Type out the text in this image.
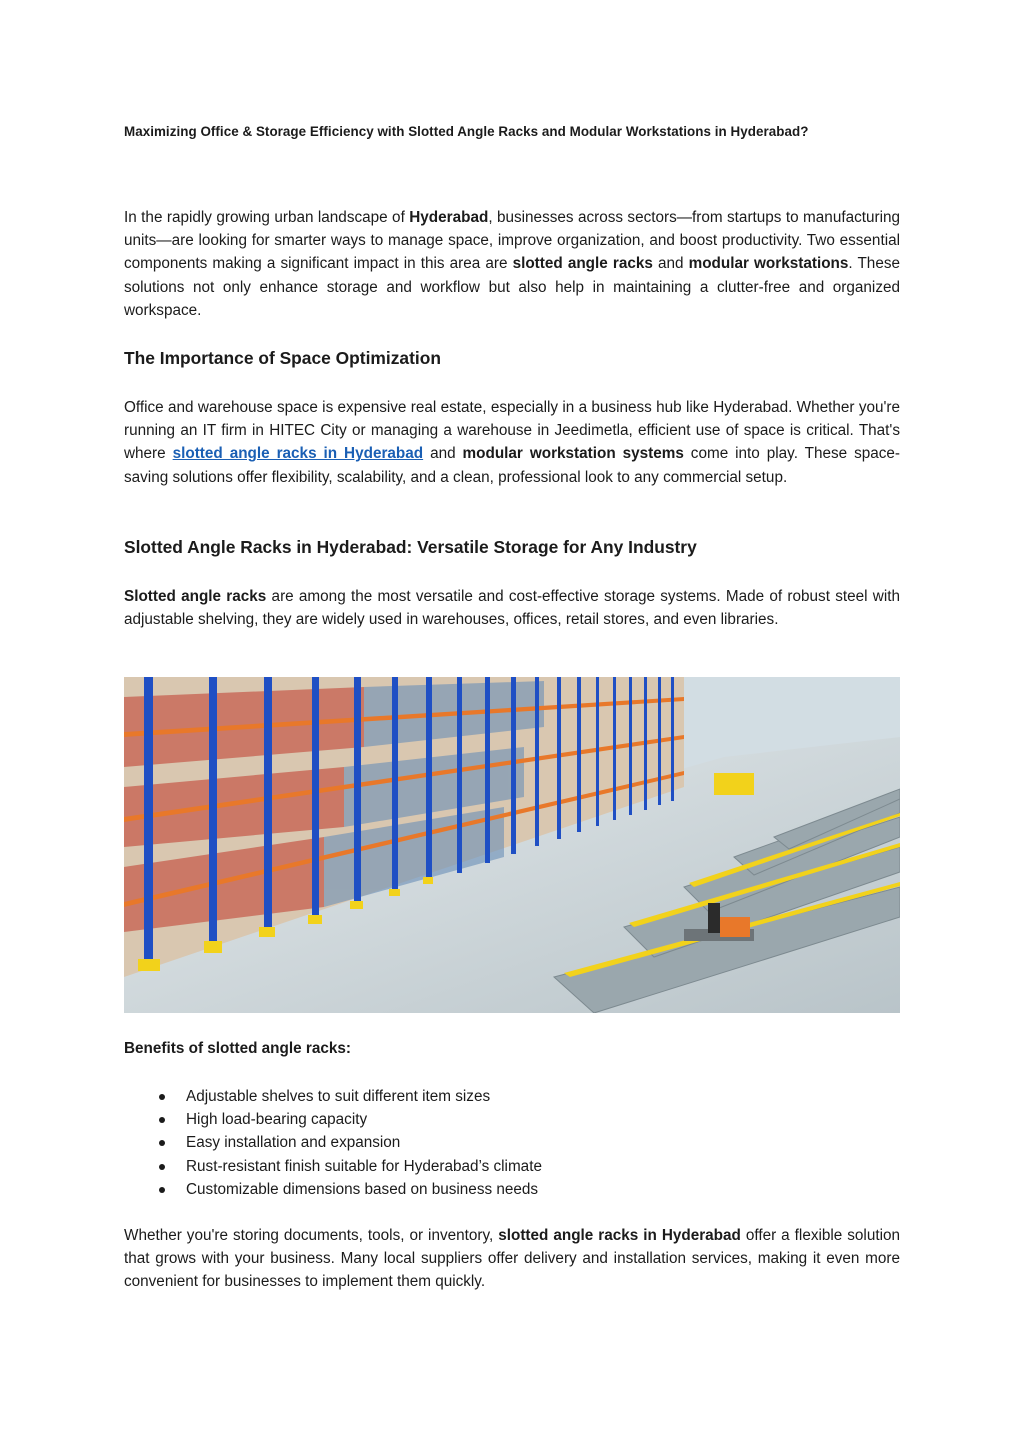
Maximizing Office & Storage Efficiency with Slotted Angle Racks and Modular Workstations in Hyderabad?

In the rapidly growing urban landscape of Hyderabad, businesses across sectors—from startups to manufacturing units—are looking for smarter ways to manage space, improve organization, and boost productivity. Two essential components making a significant impact in this area are slotted angle racks and modular workstations. These solutions not only enhance storage and workflow but also help in maintaining a clutter-free and organized workspace.

The Importance of Space Optimization

Office and warehouse space is expensive real estate, especially in a business hub like Hyderabad. Whether you're running an IT firm in HITEC City or managing a warehouse in Jeedimetla, efficient use of space is critical. That's where slotted angle racks in Hyderabad and modular workstation systems come into play. These space-saving solutions offer flexibility, scalability, and a clean, professional look to any commercial setup.

Slotted Angle Racks in Hyderabad: Versatile Storage for Any Industry

Slotted angle racks are among the most versatile and cost-effective storage systems. Made of robust steel with adjustable shelving, they are widely used in warehouses, offices, retail stores, and even libraries.

Benefits of slotted angle racks:
Adjustable shelves to suit different item sizes
High load-bearing capacity
Easy installation and expansion
Rust-resistant finish suitable for Hyderabad’s climate
Customizable dimensions based on business needs

Whether you're storing documents, tools, or inventory, slotted angle racks in Hyderabad offer a flexible solution that grows with your business. Many local suppliers offer delivery and installation services, making it even more convenient for businesses to implement them quickly.
